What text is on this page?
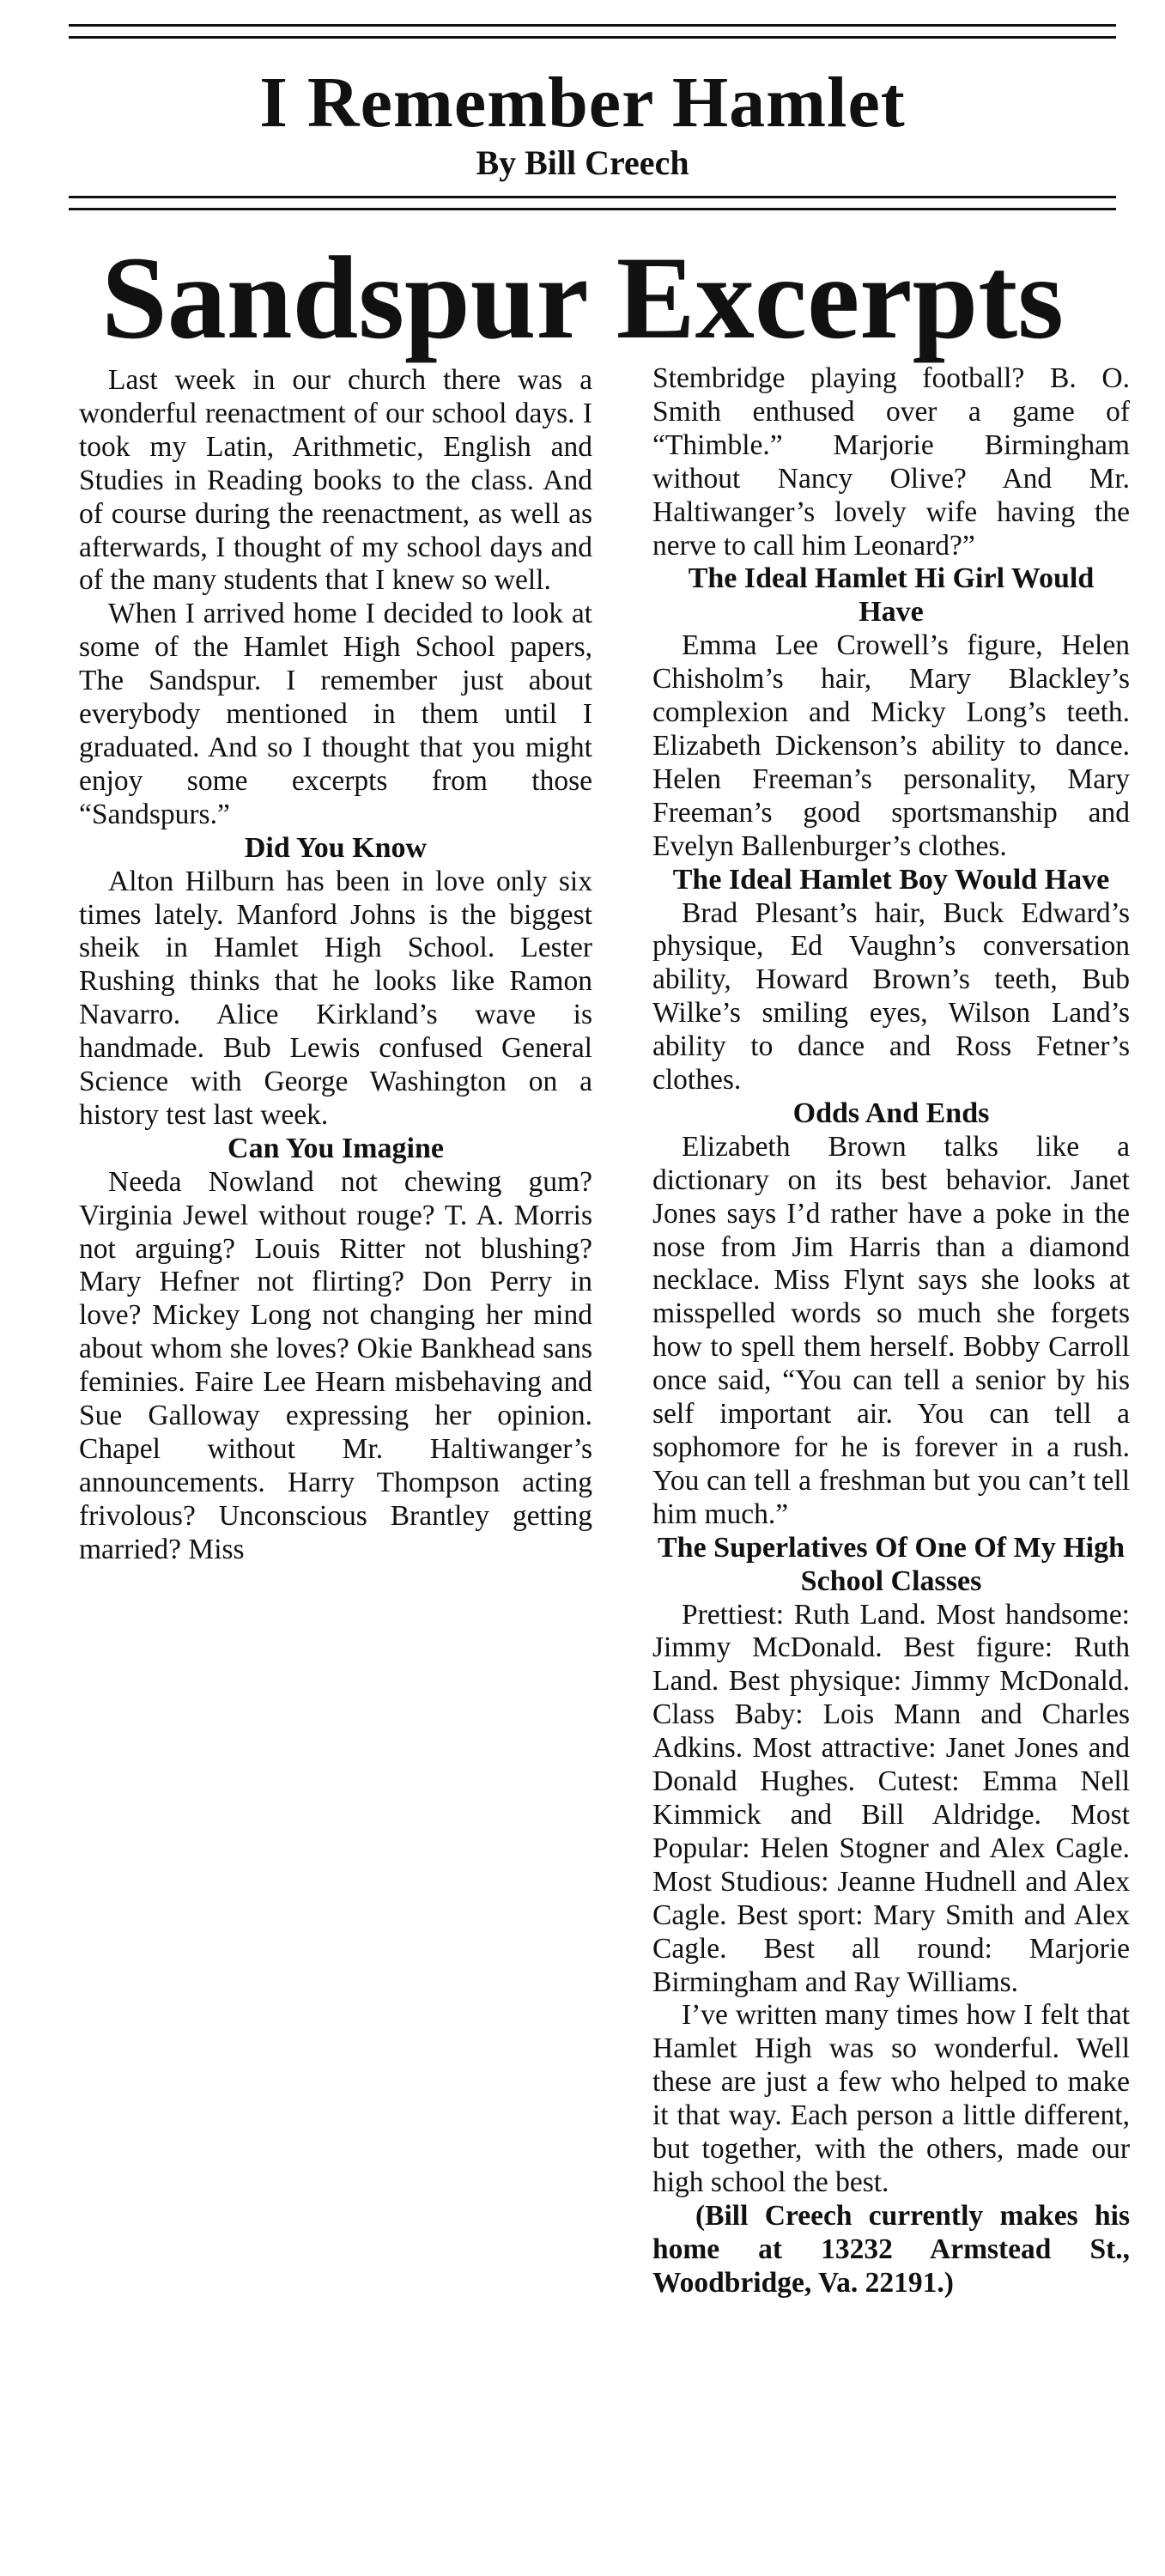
I Remember Hamlet
By Bill Creech
Sandspur Excerpts

Last week in our church there was a wonderful reenactment of our school days. I took my Latin, Arithmetic, English and Studies in Reading books to the class. And of course during the reenactment, as well as afterwards, I thought of my school days and of the many students that I knew so well.

When I arrived home I decided to look at some of the Hamlet High School papers, The Sandspur. I remember just about everybody mentioned in them until I graduated. And so I thought that you might enjoy some excerpts from those “Sandspurs.”

Did You Know

Alton Hilburn has been in love only six times lately. Manford Johns is the biggest sheik in Hamlet High School. Lester Rushing thinks that he looks like Ramon Navarro. Alice Kirkland’s wave is handmade. Bub Lewis confused General Science with George Washington on a history test last week.

Can You Imagine

Needa Nowland not chewing gum? Virginia Jewel without rouge? T. A. Morris not arguing? Louis Ritter not blushing? Mary Hefner not flirting? Don Perry in love? Mickey Long not changing her mind about whom she loves? Okie Bankhead sans feminies. Faire Lee Hearn misbehaving and Sue Galloway expressing her opinion. Chapel without Mr. Haltiwanger’s announcements. Harry Thompson acting frivolous? Unconscious Brantley getting married? Miss

Stembridge playing football? B. O. Smith enthused over a game of “Thimble.” Marjorie Birmingham without Nancy Olive? And Mr. Haltiwanger’s lovely wife having the nerve to call him Leonard?”

The Ideal Hamlet Hi Girl Would Have

Emma Lee Crowell’s figure, Helen Chisholm’s hair, Mary Blackley’s complexion and Micky Long’s teeth. Elizabeth Dickenson’s ability to dance. Helen Freeman’s personality, Mary Freeman’s good sportsmanship and Evelyn Ballenburger’s clothes.

The Ideal Hamlet Boy Would Have

Brad Plesant’s hair, Buck Edward’s physique, Ed Vaughn’s conversation ability, Howard Brown’s teeth, Bub Wilke’s smiling eyes, Wilson Land’s ability to dance and Ross Fetner’s clothes.

Odds And Ends

Elizabeth Brown talks like a dictionary on its best behavior. Janet Jones says I’d rather have a poke in the nose from Jim Harris than a diamond necklace. Miss Flynt says she looks at misspelled words so much she forgets how to spell them herself. Bobby Carroll once said, “You can tell a senior by his self important air. You can tell a sophomore for he is forever in a rush. You can tell a freshman but you can’t tell him much.”

The Superlatives Of One Of My High School Classes

Prettiest: Ruth Land. Most handsome: Jimmy McDonald. Best figure: Ruth Land. Best physique: Jimmy McDonald. Class Baby: Lois Mann and Charles Adkins. Most attractive: Janet Jones and Donald Hughes. Cutest: Emma Nell Kimmick and Bill Aldridge. Most Popular: Helen Stogner and Alex Cagle. Most Studious: Jeanne Hudnell and Alex Cagle. Best sport: Mary Smith and Alex Cagle. Best all round: Marjorie Birmingham and Ray Williams.

I’ve written many times how I felt that Hamlet High was so wonderful. Well these are just a few who helped to make it that way. Each person a little different, but together, with the others, made our high school the best.

(Bill Creech currently makes his home at 13232 Armstead St., Woodbridge, Va. 22191.)
